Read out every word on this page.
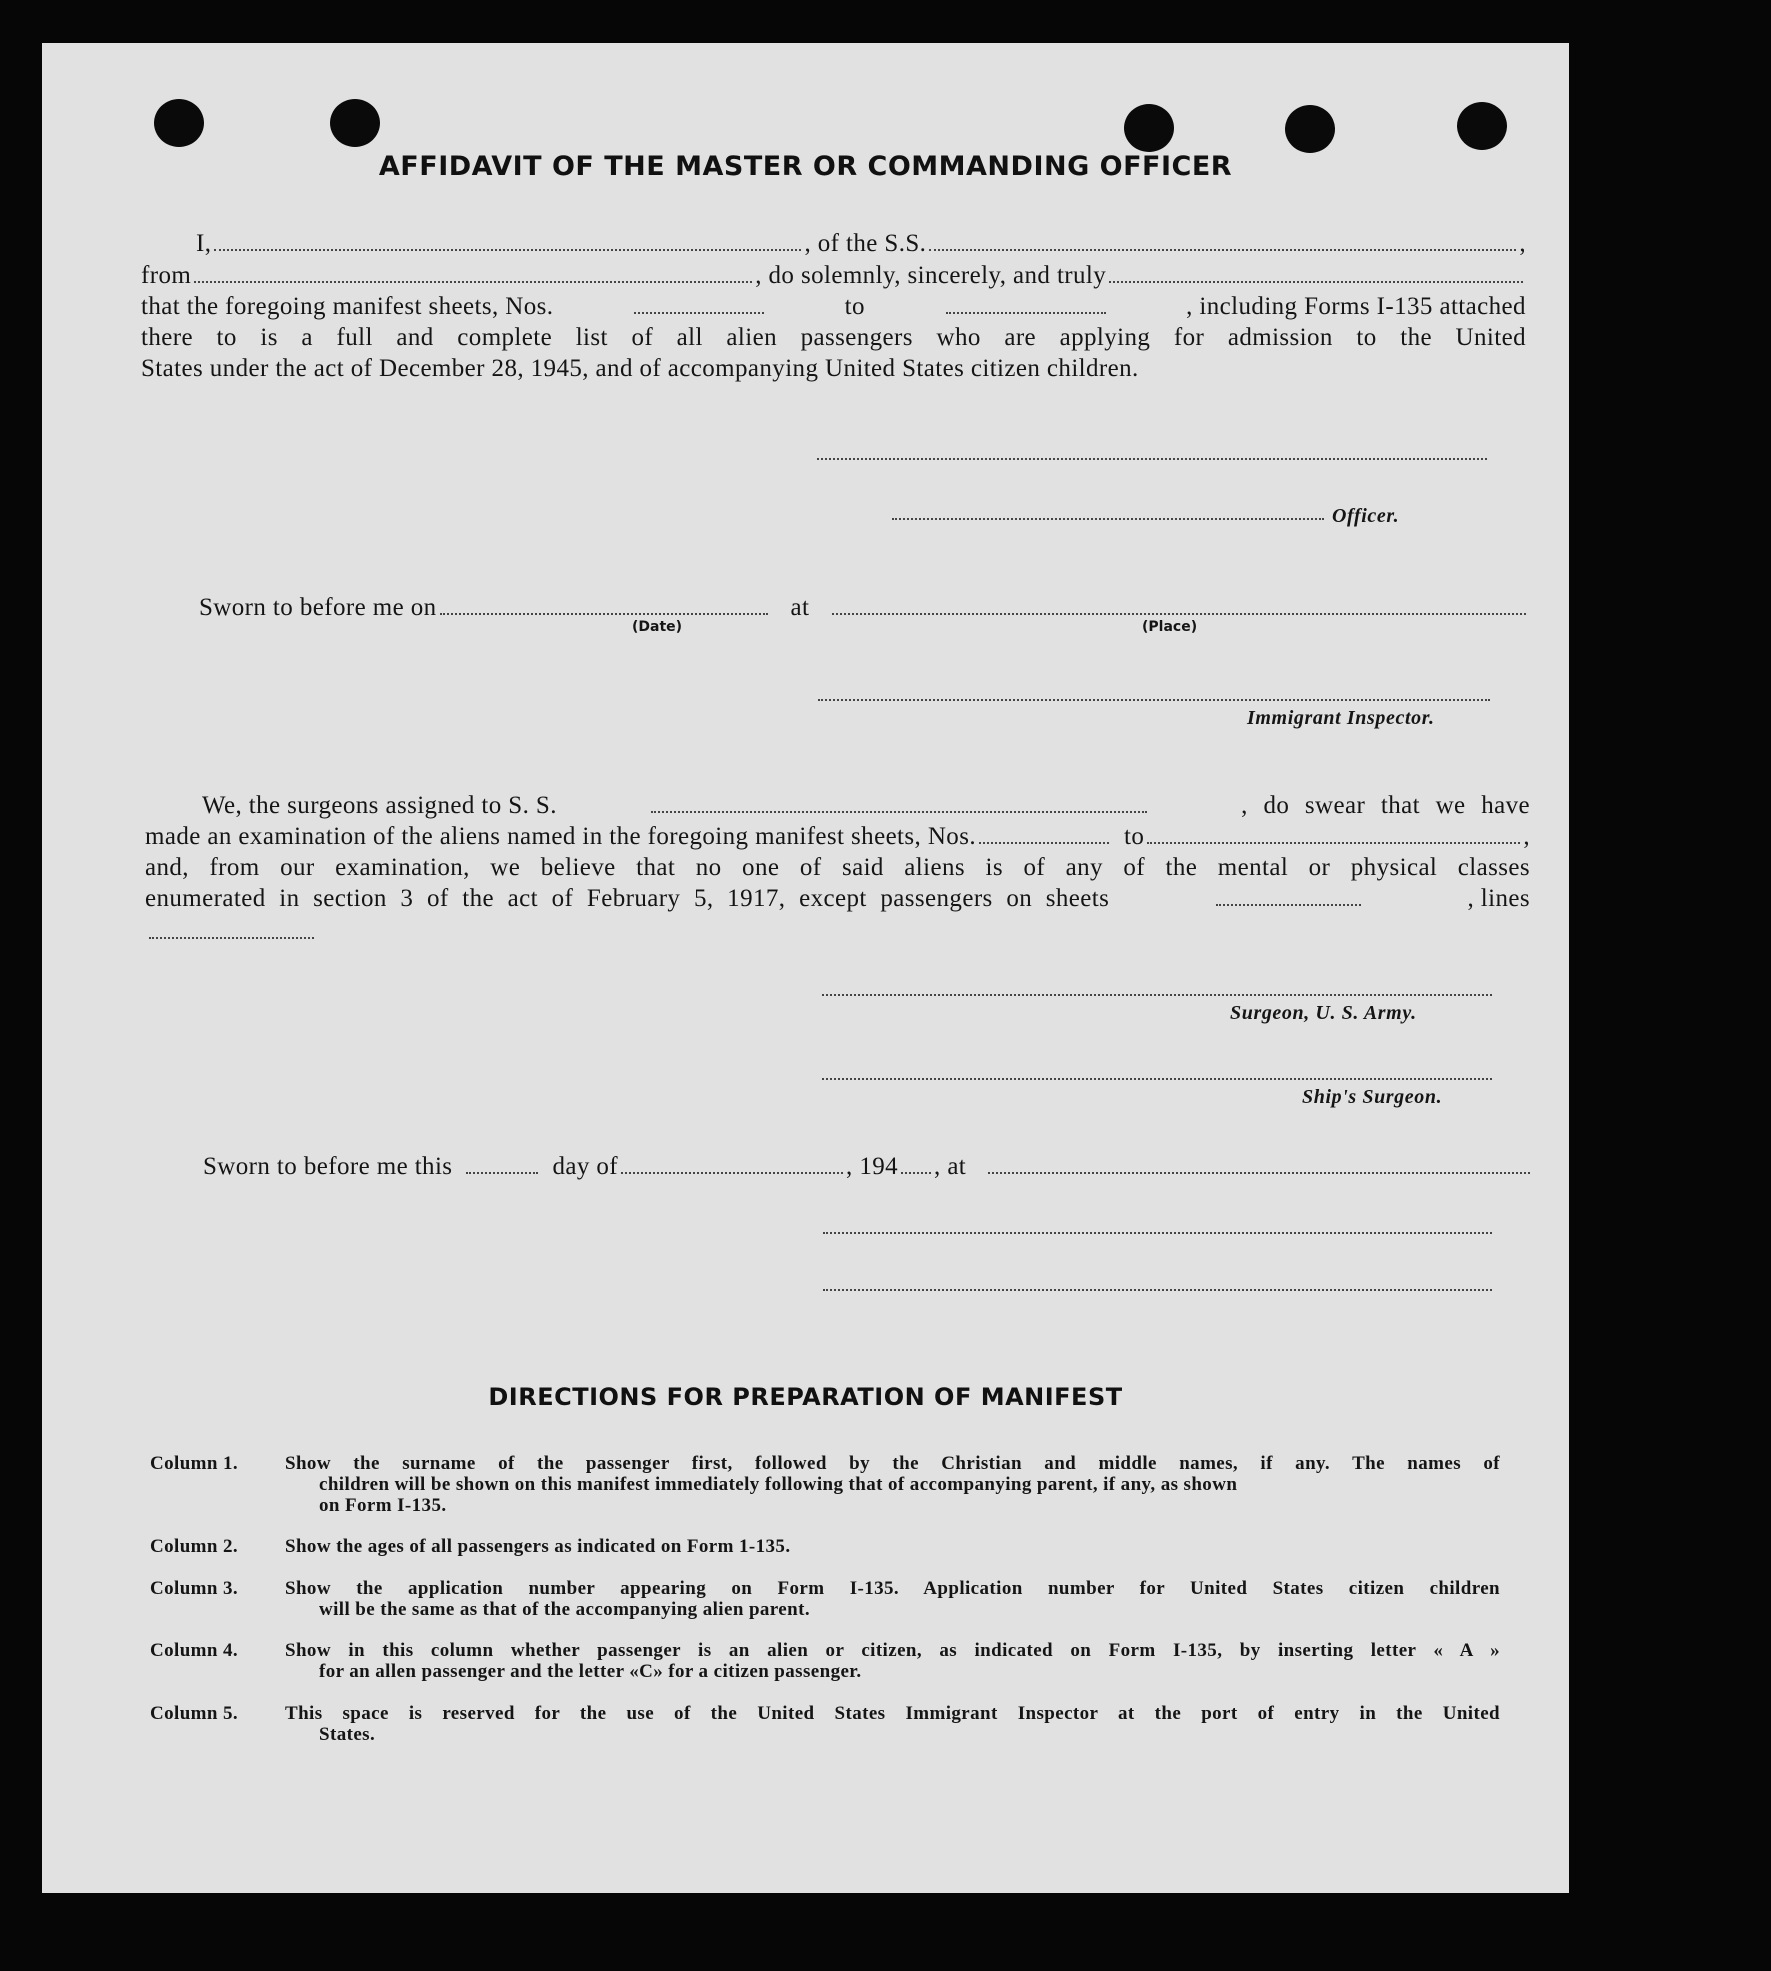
AFFIDAVIT OF THE MASTER OR COMMANDING OFFICER
I,	, of the S.S.	,
from	, do solemnly, sincerely, and truly
that the foregoing manifest sheets, Nos.	to	, including Forms I-135 attached
there to is a full and complete list of all alien passengers who are applying for admission to the United
States under the act of December 28, 1945, and of accompanying United States citizen children.
Officer.
Sworn to before me on	at
(Date)	(Place)
Immigrant Inspector.
We, the surgeons assigned to S. S.	, do swear that we have
made an examination of the aliens named in the foregoing manifest sheets, Nos.	to	,
and, from our examination, we believe that no one of said aliens is of any of the mental or physical classes
enumerated in section 3 of the act of February 5, 1917, except passengers on sheets	, lines
Surgeon, U. S. Army.
Ship's Surgeon.
Sworn to before me this	day of	, 194 , at
DIRECTIONS FOR PREPARATION OF MANIFEST
Column 1.	Show the surname of the passenger first, followed by the Christian and middle names, if any. The names of
children will be shown on this manifest immediately following that of accompanying parent, if any, as shown
on Form I-135.
Column 2.	Show the ages of all passengers as indicated on Form 1-135.
Column 3.	Show the application number appearing on Form I-135. Application number for United States citizen children
will be the same as that of the accompanying alien parent.
Column 4.	Show in this column whether passenger is an alien or citizen, as indicated on Form I-135, by inserting letter « A »
for an allen passenger and the letter «C» for a citizen passenger.
Column 5.	This space is reserved for the use of the United States Immigrant Inspector at the port of entry in the United
States.
